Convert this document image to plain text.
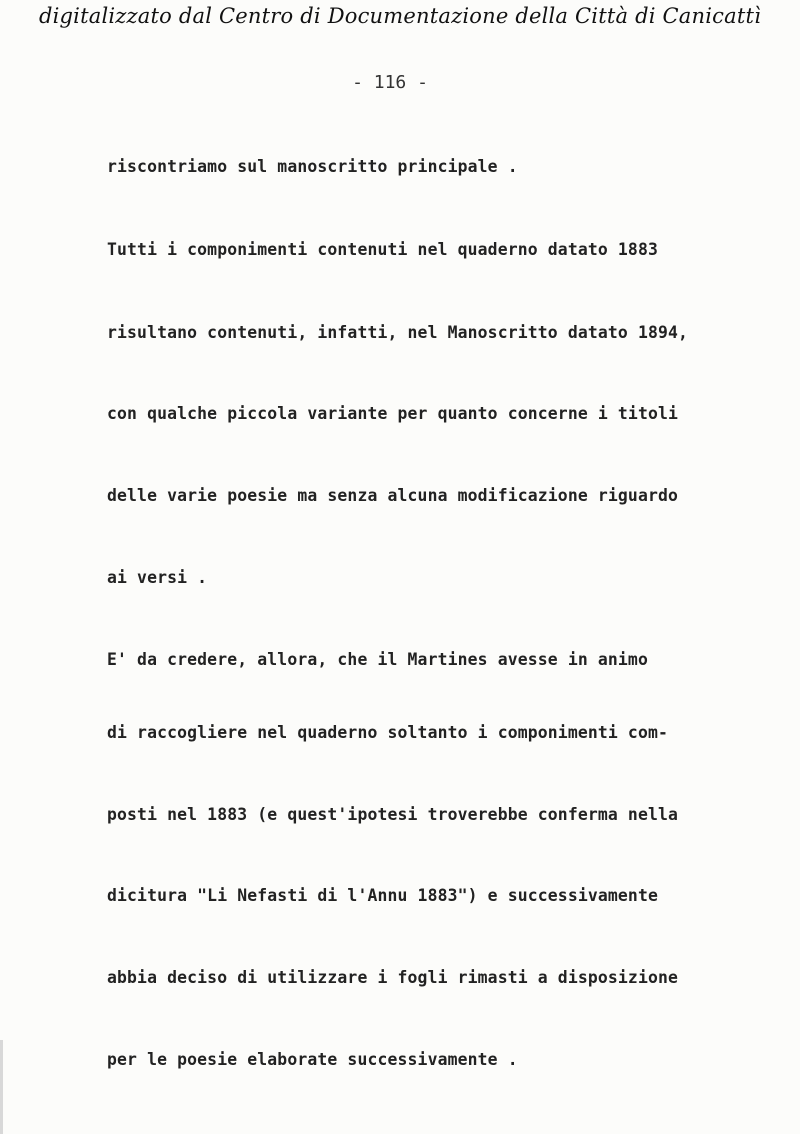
digitalizzato dal Centro di Documentazione della Città di Canicattì
- 116 -
riscontriamo sul manoscritto principale .
Tutti i componimenti contenuti nel quaderno datato 1883
risultano contenuti, infatti, nel Manoscritto datato 1894,
con qualche piccola variante per quanto concerne i titoli
delle varie poesie ma senza alcuna modificazione riguardo
ai versi .
E' da credere, allora, che il Martines avesse in animo
di raccogliere nel quaderno soltanto i componimenti com-
posti nel 1883 (e quest'ipotesi troverebbe conferma nella
dicitura "Li Nefasti di l'Annu 1883") e successivamente
abbia deciso di utilizzare i fogli rimasti a disposizione
per le poesie elaborate successivamente .
